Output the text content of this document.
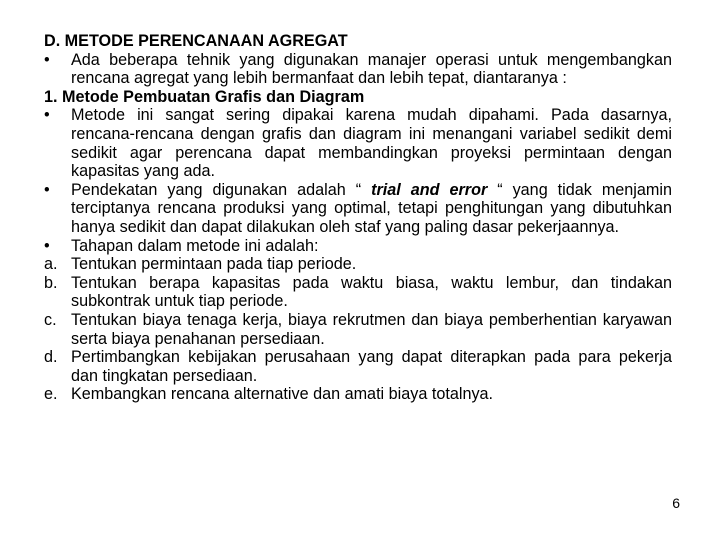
D. METODE PERENCANAAN AGREGAT
•	Ada beberapa tehnik yang digunakan manajer operasi untuk mengembangkan rencana agregat yang lebih bermanfaat dan lebih tepat, diantaranya :
1. Metode Pembuatan Grafis dan Diagram
•	Metode ini sangat sering dipakai karena mudah dipahami. Pada dasarnya, rencana-rencana dengan grafis dan diagram ini menangani variabel sedikit demi sedikit agar perencana dapat membandingkan proyeksi permintaan dengan kapasitas yang ada.
•	Pendekatan yang digunakan adalah “ trial and error “ yang tidak menjamin terciptanya rencana produksi yang optimal, tetapi penghitungan yang dibutuhkan hanya sedikit dan dapat dilakukan oleh staf yang paling dasar pekerjaannya.
•	Tahapan dalam metode ini adalah:
a. Tentukan permintaan pada tiap periode.
b. Tentukan berapa kapasitas pada waktu biasa, waktu lembur, dan tindakan subkontrak untuk tiap periode.
c. Tentukan biaya tenaga kerja, biaya rekrutmen dan biaya pemberhentian karyawan serta biaya penahanan persediaan.
d. Pertimbangkan kebijakan perusahaan yang dapat diterapkan pada para pekerja dan tingkatan persediaan.
e. Kembangkan rencana alternative dan amati biaya totalnya.
6
